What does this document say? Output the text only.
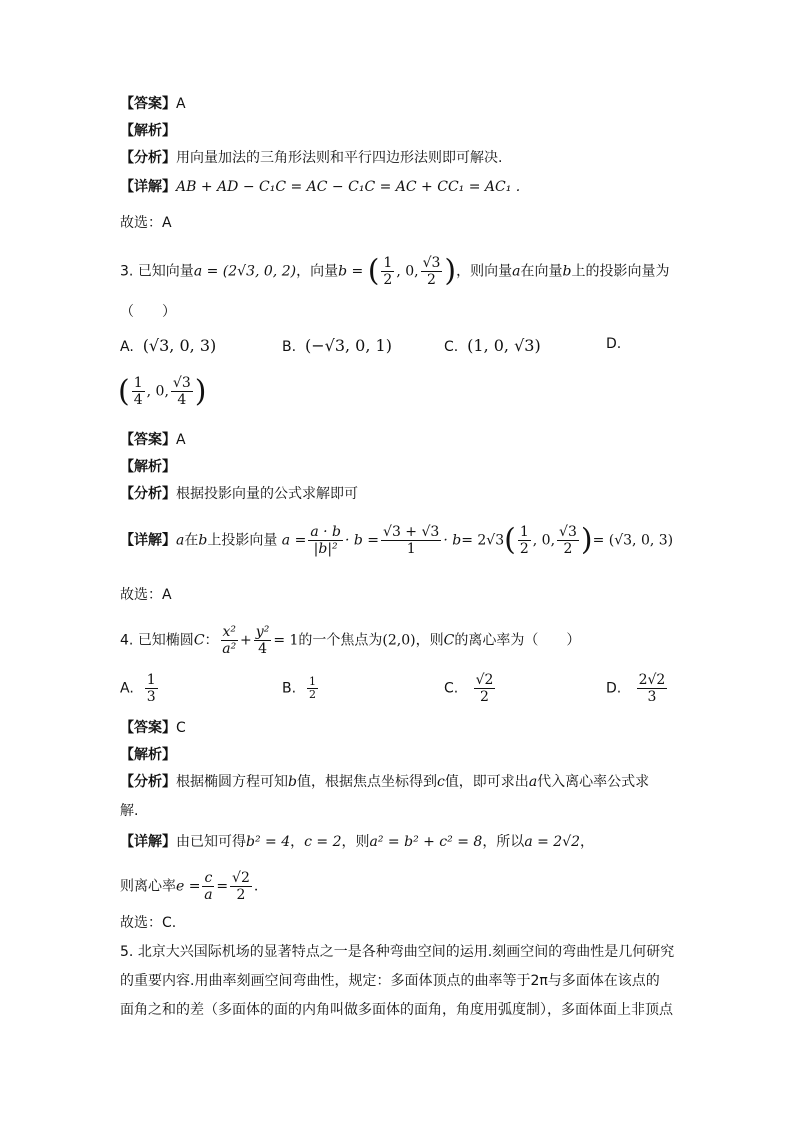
【答案】A
【解析】
【分析】用向量加法的三角形法则和平行四边形法则即可解决.
【详解】AB + AD − C₁C = AC − C₁C = AC + CC₁ = AC₁ .
故选：A
3. 已知向量a = (2√3, 0, 2)，向量b = ( $\frac{1}{2}$ , 0, $\frac{√3}{2}$ )，则向量a在向量b上的投影向量为
（　　）
A. (√3, 0, 3)	B. (−√3, 0, 1)	C. (1, 0, √3)	D.
( $\frac{1}{4}$ , 0, $\frac{√3}{4}$ )
【答案】A
【解析】
【分析】根据投影向量的公式求解即可
【详解】a在b上投影向量 $a = \frac{a \cdot b}{\text{|b|²}} \cdot b = \frac{√3 + √3}{1} \cdot b= 2√3( \frac{1}{2}$ , 0, $\frac{√3}{2}$ )= (√3, 0, 3)
故选：A
4. 已知椭圆C： $\frac{\text{x²}}{\text{a²}} + \frac{\text{y²}}{4} = 1$的一个焦点为(2,0)，则C的离心率为（　　）
A. $\frac{1}{3}$	B. $\frac{1}{2}$	C. $\frac{√2}{2}$	D. $\frac{2√2}{3}$
【答案】C
【解析】
【分析】根据椭圆方程可知b值，根据焦点坐标得到c值，即可求出a代入离心率公式求
解.
【详解】由已知可得b² = 4，c = 2，则a² = b² + c² = 8，所以a = 2√2，
则离心率$e = \frac{c}{a} = \frac{√2}{2}$ .
故选：C.
5. 北京大兴国际机场的显著特点之一是各种弯曲空间的运用.刻画空间的弯曲性是几何研究
的重要内容.用曲率刻画空间弯曲性，规定：多面体顶点的曲率等于2π与多面体在该点的
面角之和的差（多面体的面的内角叫做多面体的面角，角度用弧度制），多面体面上非顶点
